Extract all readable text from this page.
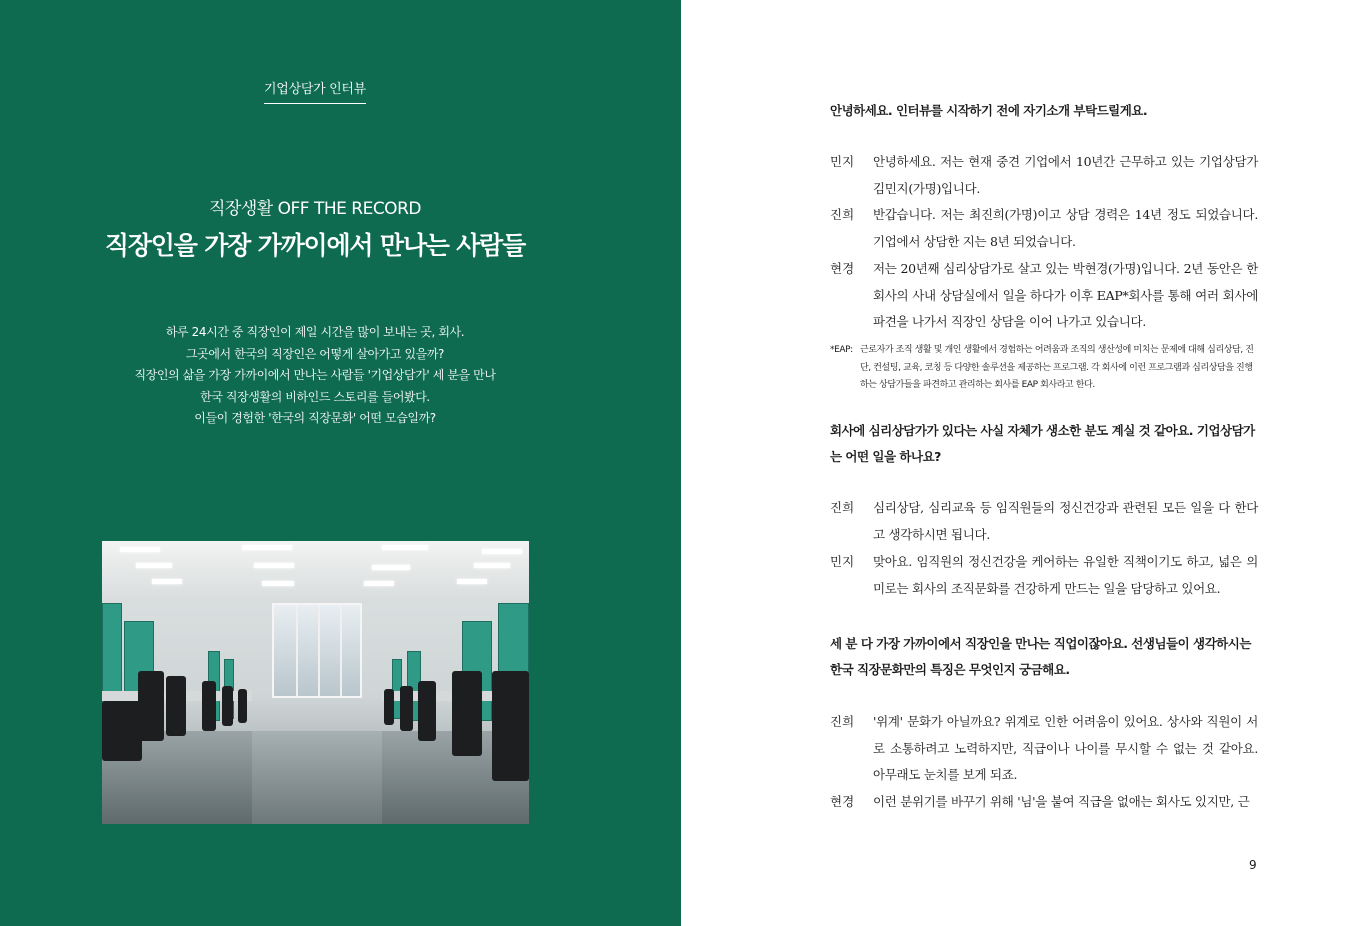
기업상담가 인터뷰
직장생활 OFF THE RECORD
직장인을 가장 가까이에서 만나는 사람들
하루 24시간 중 직장인이 제일 시간을 많이 보내는 곳, 회사.
그곳에서 한국의 직장인은 어떻게 살아가고 있을까?
직장인의 삶을 가장 가까이에서 만나는 사람들 '기업상담가' 세 분을 만나
한국 직장생활의 비하인드 스토리를 들어봤다.
이들이 경험한 '한국의 직장문화' 어떤 모습일까?
안녕하세요. 인터뷰를 시작하기 전에 자기소개 부탁드릴게요.
민지	안녕하세요. 저는 현재 중견 기업에서 10년간 근무하고 있는 기업상담가 김민지(가명)입니다.
진희	반갑습니다. 저는 최진희(가명)이고 상담 경력은 14년 정도 되었습니다. 기업에서 상담한 지는 8년 되었습니다.
현경	저는 20년째 심리상담가로 살고 있는 박현경(가명)입니다. 2년 동안은 한 회사의 사내 상담실에서 일을 하다가 이후 EAP*회사를 통해 여러 회사에 파견을 나가서 직장인 상담을 이어 나가고 있습니다.
*EAP: 근로자가 조직 생활 및 개인 생활에서 경험하는 어려움과 조직의 생산성에 미치는 문제에 대해 심리상담, 진단, 컨설팅, 교육, 코칭 등 다양한 솔루션을 제공하는 프로그램. 각 회사에 이런 프로그램과 심리상담을 진행하는 상담가들을 파견하고 관리하는 회사를 EAP 회사라고 한다.
회사에 심리상담가가 있다는 사실 자체가 생소한 분도 계실 것 같아요. 기업상담가는 어떤 일을 하나요?
진희	심리상담, 심리교육 등 임직원들의 정신건강과 관련된 모든 일을 다 한다고 생각하시면 됩니다.
민지	맞아요. 임직원의 정신건강을 케어하는 유일한 직책이기도 하고, 넓은 의미로는 회사의 조직문화를 건강하게 만드는 일을 담당하고 있어요.
세 분 다 가장 가까이에서 직장인을 만나는 직업이잖아요. 선생님들이 생각하시는 한국 직장문화만의 특징은 무엇인지 궁금해요.
진희	'위계' 문화가 아닐까요? 위계로 인한 어려움이 있어요. 상사와 직원이 서로 소통하려고 노력하지만, 직급이나 나이를 무시할 수 없는 것 같아요. 아무래도 눈치를 보게 되죠.
현경	이런 분위기를 바꾸기 위해 '님'을 붙여 직급을 없애는 회사도 있지만, 근
9
